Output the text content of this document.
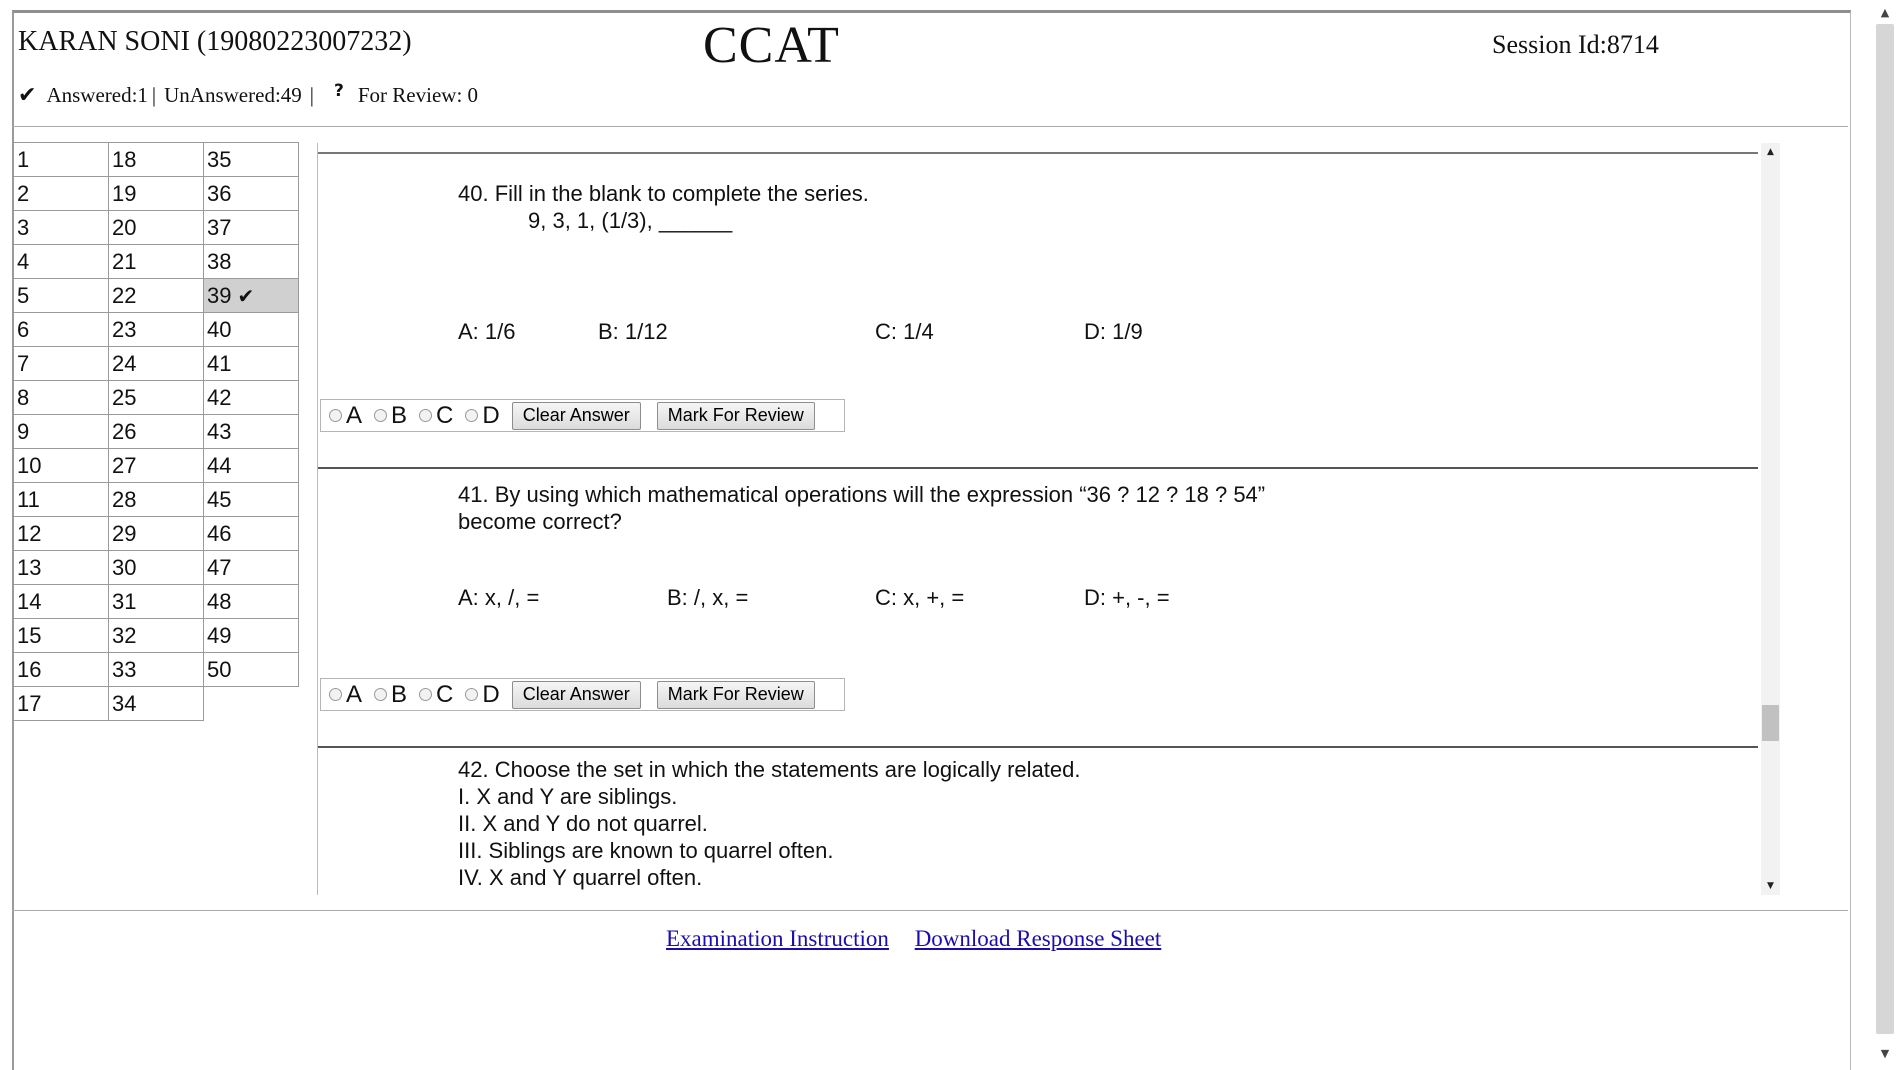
▲
▼
KARAN SONI (19080223007232)	CCAT	Session Id:8714
✔ Answered:1 | UnAnswered:49 | ? For Review: 0
1	18	35
2	19	36
3	20	37
4	21	38
5	22	39 ✔
6	23	40
7	24	41
8	25	42
9	26	43
10	27	44
11	28	45
12	29	46
13	30	47
14	31	48
15	32	49
16	33	50
17	34	
40. Fill in the blank to complete the series.
9, 3, 1, (1/3), ______
A: 1/6	B: 1/12	C: 1/4	D: 1/9
A B C D	Clear Answer	Mark For Review
41. By using which mathematical operations will the expression “36 ? 12 ? 18 ? 54”
become correct?
A: x, /, =	B: /, x, =	C: x, +, =	D: +, -, =
A B C D	Clear Answer	Mark For Review
42. Choose the set in which the statements are logically related.
I. X and Y are siblings.
II. X and Y do not quarrel.
III. Siblings are known to quarrel often.
IV. X and Y quarrel often.
▲
▼
Examination Instruction Download Response Sheet
